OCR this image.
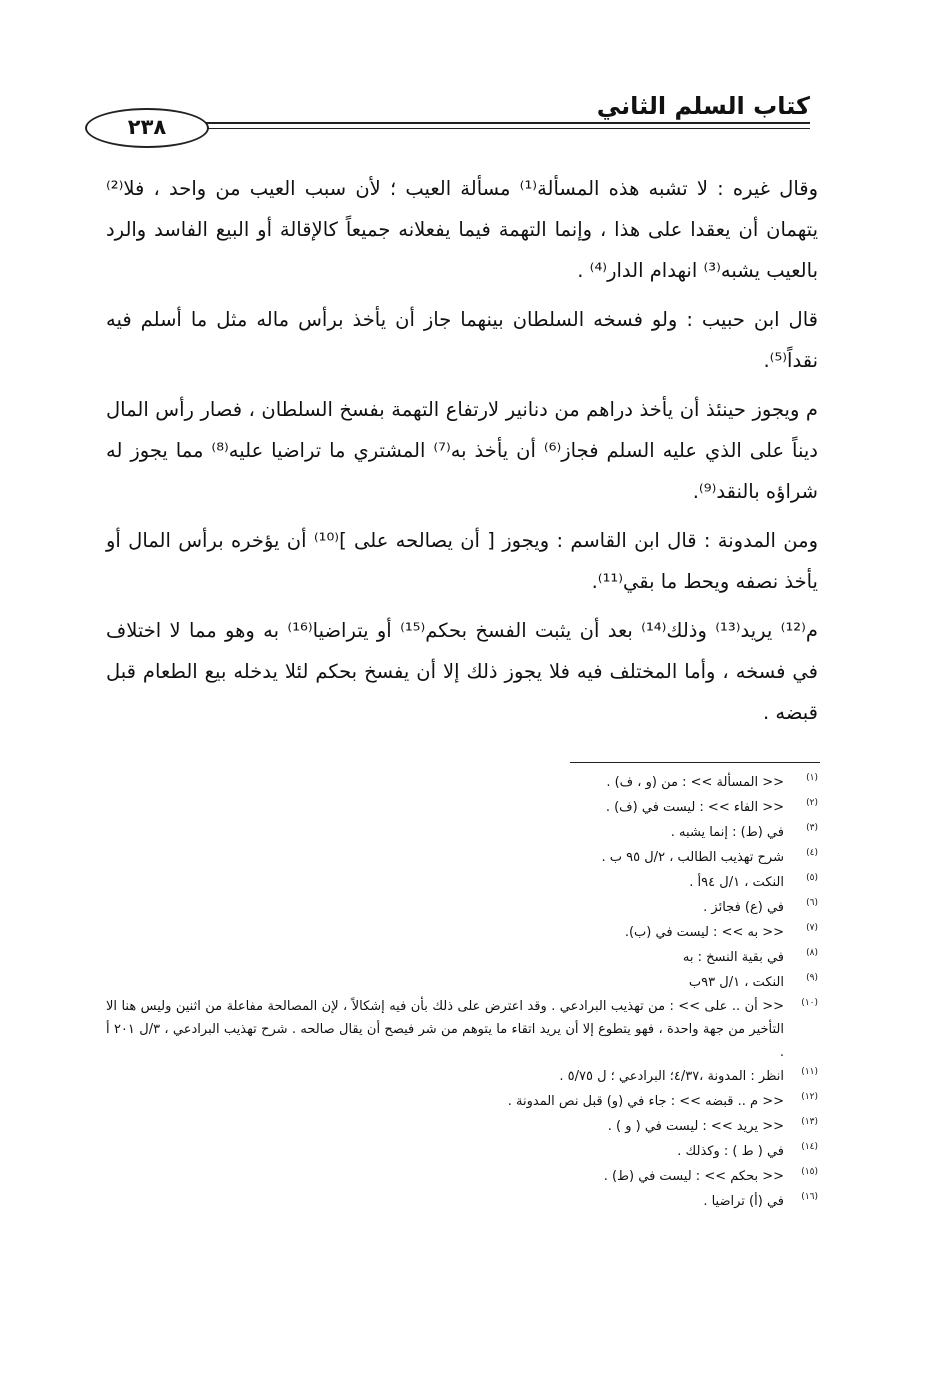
كتاب السلم الثاني
٢٣٨

وقال غيره : لا تشبه هذه المسألة⁽¹⁾ مسألة العيب ؛ لأن سبب العيب من واحد ، فلا⁽²⁾ يتهمان أن يعقدا على هذا ، وإنما التهمة فيما يفعلانه جميعاً كالإقالة أو البيع الفاسد والرد بالعيب يشبه⁽³⁾ انهدام الدار⁽⁴⁾ .

قال ابن حبيب : ولو فسخه السلطان بينهما جاز أن يأخذ برأس ماله مثل ما أسلم فيه نقداً⁽⁵⁾.

م ويجوز حينئذ أن يأخذ دراهم من دنانير لارتفاع التهمة بفسخ السلطان ، فصار رأس المال ديناً على الذي عليه السلم فجاز⁽⁶⁾ أن يأخذ به⁽⁷⁾ المشتري ما تراضيا عليه⁽⁸⁾ مما يجوز له شراؤه بالنقد⁽⁹⁾.

ومن المدونة : قال ابن القاسم : ويجوز [ أن يصالحه على ]⁽¹⁰⁾ أن يؤخره برأس المال أو يأخذ نصفه ويحط ما بقي⁽¹¹⁾.

م⁽¹²⁾ يريد⁽¹³⁾ وذلك⁽¹⁴⁾ بعد أن يثبت الفسخ بحكم⁽¹⁵⁾ أو يتراضيا⁽¹⁶⁾ به وهو مما لا اختلاف في فسخه ، وأما المختلف فيه فلا يجوز ذلك إلا أن يفسخ بحكم لئلا يدخله بيع الطعام قبل قبضه .

(١)
<< المسألة >> : من (و ، ف) .
(٢)
<< الفاء >> : ليست في (ف) .
(٣)
في (ط) : إنما يشبه .
(٤)
شرح تهذيب الطالب ، ٢/ل ٩٥ ب .
(٥)
النكت ، ١/ل ٩٤أ .
(٦)
في (ع) فجائز .
(٧)
<< به >> : ليست في (ب).
(٨)
في بقية النسخ : به
(٩)
النكت ، ١/ل ٩٣ب
(١٠)
<< أن .. على >> : من تهذيب البرادعي . وقد اعترض على ذلك بأن فيه إشكالاً ، لإن المصالحة مفاعلة من اثنين وليس هنا الا التأخير من جهة واحدة ، فهو يتطوع إلا أن يريد اتقاء ما يتوهم من شر فيصح أن يقال صالحه . شرح تهذيب البرادعي ، ٣/ل ٢٠١ أ .
(١١)
انظر : المدونة ،٤/٣٧؛ البرادعي ؛ ل ٥/٧٥ .
(١٢)
<< م .. قبضه >> : جاء في (و) قبل نص المدونة .
(١٣)
<< يريد >> : ليست في ( و ) .
(١٤)
في ( ط ) : وكذلك .
(١٥)
<< بحكم >> : ليست في (ط) .
(١٦)
في (أ) تراضيا .
